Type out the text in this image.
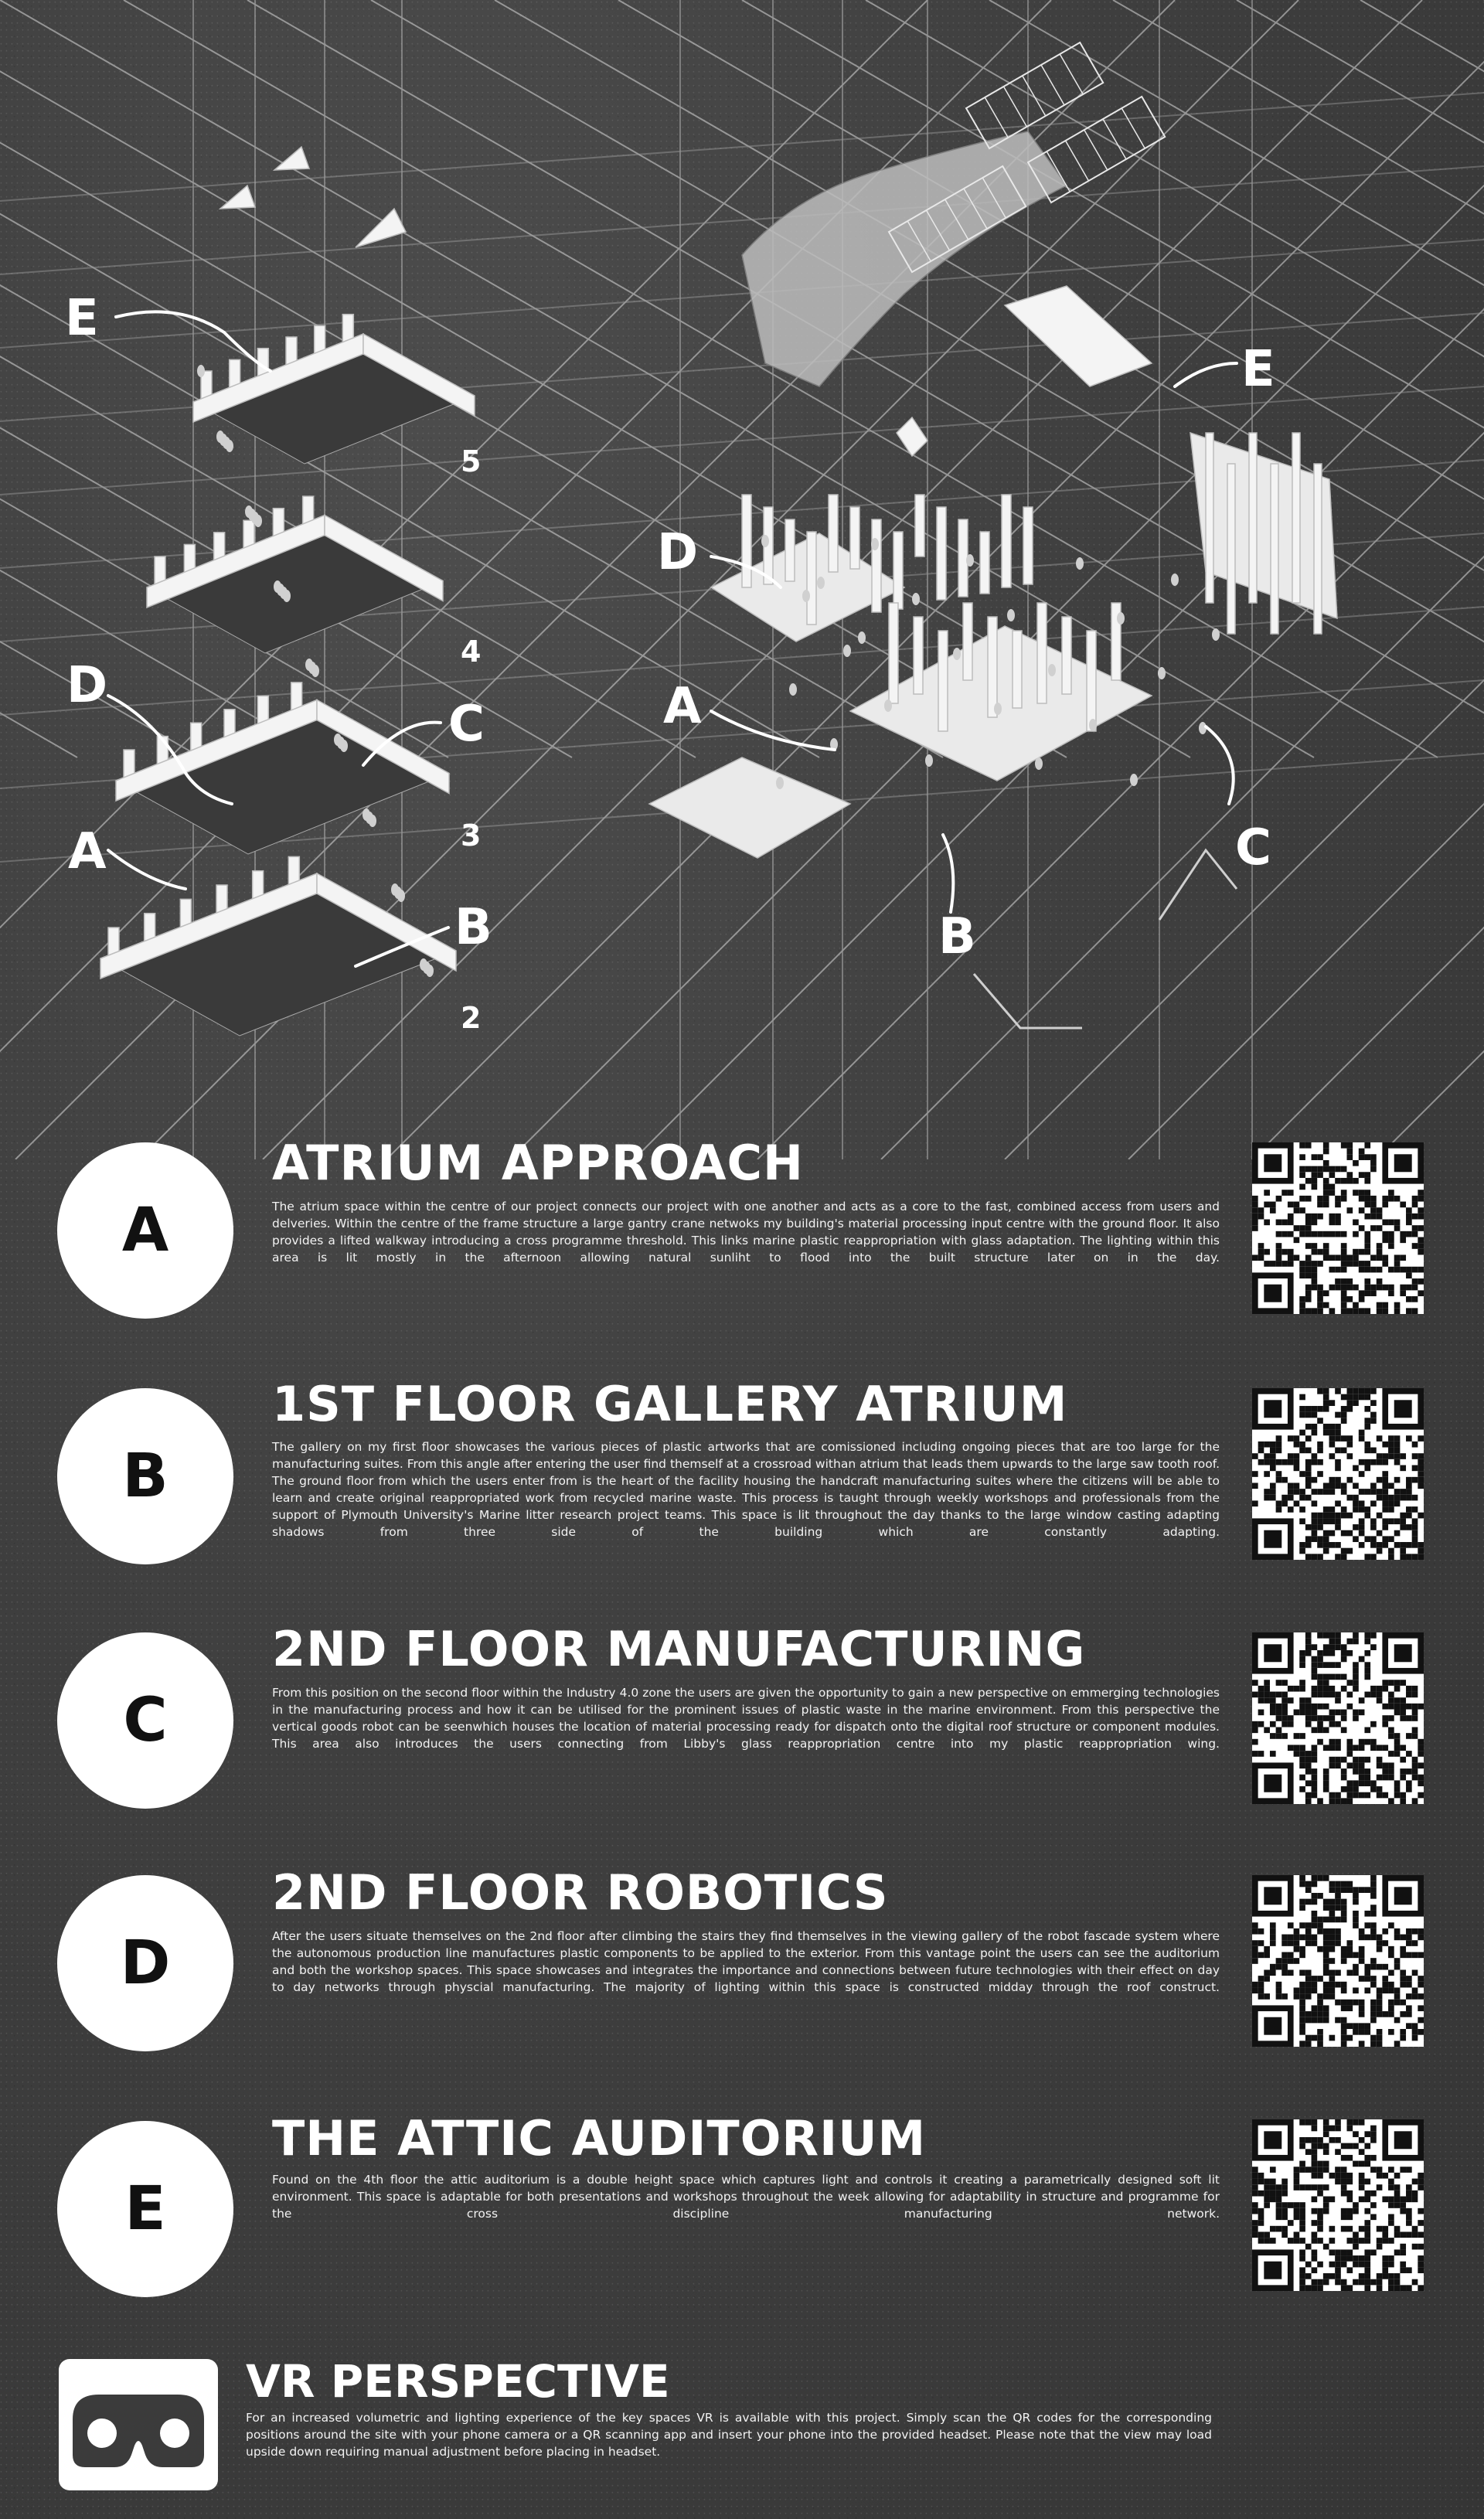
E
D
A
C
B
5
4
3
2
E
D
A
C
B
A
ATRIUM APPROACH
The atrium space within the centre of our project connects our project with one another and acts as a core to the fast, combined access from users and delveries. Within the centre of the frame structure a large gantry crane netwoks my building's material processing input centre with the ground floor. It also provides a lifted walkway introducing a cross programme threshold. This links marine plastic reappropriation with glass adaptation. The lighting within this area is lit mostly in the afternoon allowing natural sunliht to flood into the built structure later on in the day.
B
1ST FLOOR GALLERY ATRIUM
The gallery on my first floor showcases the various pieces of plastic artworks that are comissioned including ongoing pieces that are too large for the manufacturing suites. From this angle after entering the user find themself at a crossroad withan atrium that leads them upwards to the large saw tooth roof. The ground floor from which the users enter from is the heart of the facility housing the handcraft manufacturing suites where the citizens will be able to learn and create original reappropriated work from recycled marine waste. This process is taught through weekly workshops and professionals from the support of Plymouth University's Marine litter research project teams. This space is lit throughout the day thanks to the large window casting adapting shadows from three side of the building which are constantly adapting.
C
2ND FLOOR MANUFACTURING
From this position on the second floor within the Industry 4.0 zone the users are given the opportunity to gain a new perspective on emmerging technologies in the manufacturing process and how it can be utilised for the prominent issues of plastic waste in the marine environment. From this perspective the vertical goods robot can be seenwhich houses the location of material processing ready for dispatch onto the digital roof structure or component modules. This area also introduces the users connecting from Libby's glass reappropriation centre into my plastic reappropriation wing.
D
2ND FLOOR ROBOTICS
After the users situate themselves on the 2nd floor after climbing the stairs they find themselves in the viewing gallery of the robot fascade system where the autonomous production line manufactures plastic components to be applied to the exterior. From this vantage point the users can see the auditorium and both the workshop spaces. This space showcases and integrates the importance and connections between future technologies with their effect on day to day networks through physcial manufacturing. The majority of lighting within this space is constructed midday through the roof construct.
E
THE ATTIC AUDITORIUM
Found on the 4th floor the attic auditorium is a double height space which captures light and controls it creating a parametrically designed soft lit environment. This space is adaptable for both presentations and workshops throughout the week allowing for adaptability in structure and programme for the cross discipline manufacturing network.
VR PERSPECTIVE
For an increased volumetric and lighting experience of the key spaces VR is available with this project. Simply scan the QR codes for the corresponding positions around the site with your phone camera or a QR scanning app and insert your phone into the provided headset. Please note that the view may load upside down requiring manual adjustment before placing in headset.
